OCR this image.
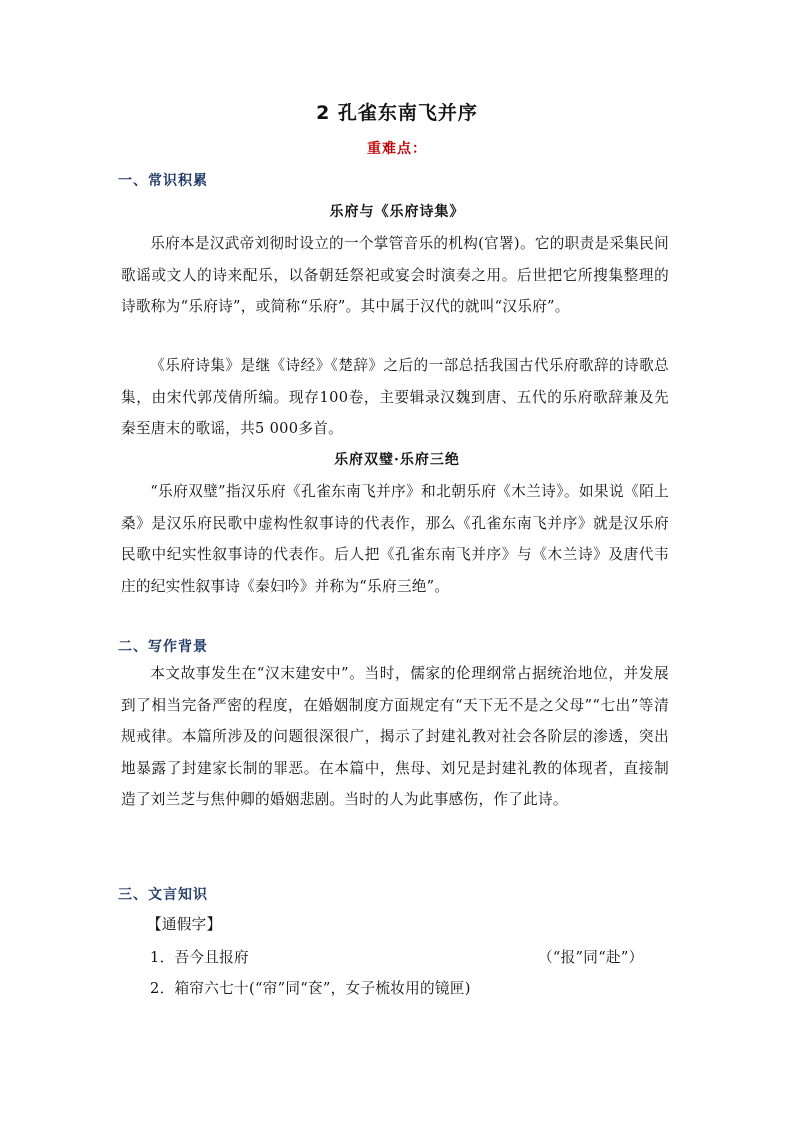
2 孔雀东南飞并序
重难点：
一、常识积累
乐府与《乐府诗集》

乐府本是汉武帝刘彻时设立的一个掌管音乐的机构(官署)。它的职责是采集民间歌谣或文人的诗来配乐，以备朝廷祭祀或宴会时演奏之用。后世把它所搜集整理的诗歌称为“乐府诗”，或简称“乐府”。其中属于汉代的就叫“汉乐府”。

《乐府诗集》是继《诗经》《楚辞》之后的一部总括我国古代乐府歌辞的诗歌总集，由宋代郭茂倩所编。现存100卷，主要辑录汉魏到唐、五代的乐府歌辞兼及先秦至唐末的歌谣，共5 000多首。

乐府双璧·乐府三绝

“乐府双璧”指汉乐府《孔雀东南飞并序》和北朝乐府《木兰诗》。如果说《陌上桑》是汉乐府民歌中虚构性叙事诗的代表作，那么《孔雀东南飞并序》就是汉乐府民歌中纪实性叙事诗的代表作。后人把《孔雀东南飞并序》与《木兰诗》及唐代韦庄的纪实性叙事诗《秦妇吟》并称为“乐府三绝”。

二、写作背景

本文故事发生在“汉末建安中”。当时，儒家的伦理纲常占据统治地位，并发展到了相当完备严密的程度，在婚姻制度方面规定有“天下无不是之父母”“七出”等清规戒律。本篇所涉及的问题很深很广，揭示了封建礼教对社会各阶层的渗透，突出地暴露了封建家长制的罪恶。在本篇中，焦母、刘兄是封建礼教的体现者，直接制造了刘兰芝与焦仲卿的婚姻悲剧。当时的人为此事感伤，作了此诗。

三、文言知识
【通假字】
1．吾今且报府	（“报”同“赴”）
2．箱帘六七十(“帘”同“奁”，女子梳妆用的镜匣)
